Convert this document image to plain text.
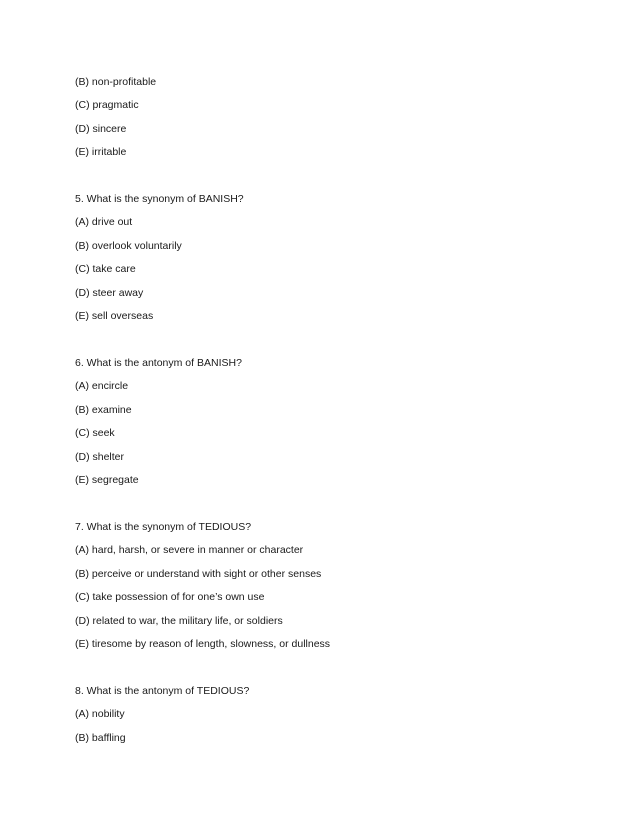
(B) non-profitable

(C) pragmatic

(D) sincere

(E) irritable

5. What is the synonym of BANISH?

(A) drive out

(B) overlook voluntarily

(C) take care

(D) steer away

(E) sell overseas

6. What is the antonym of BANISH?

(A) encircle

(B) examine

(C) seek

(D) shelter

(E) segregate

7. What is the synonym of TEDIOUS?

(A) hard, harsh, or severe in manner or character

(B) perceive or understand with sight or other senses

(C) take possession of for one’s own use

(D) related to war, the military life, or soldiers

(E) tiresome by reason of length, slowness, or dullness

8. What is the antonym of TEDIOUS?

(A) nobility

(B) baffling
